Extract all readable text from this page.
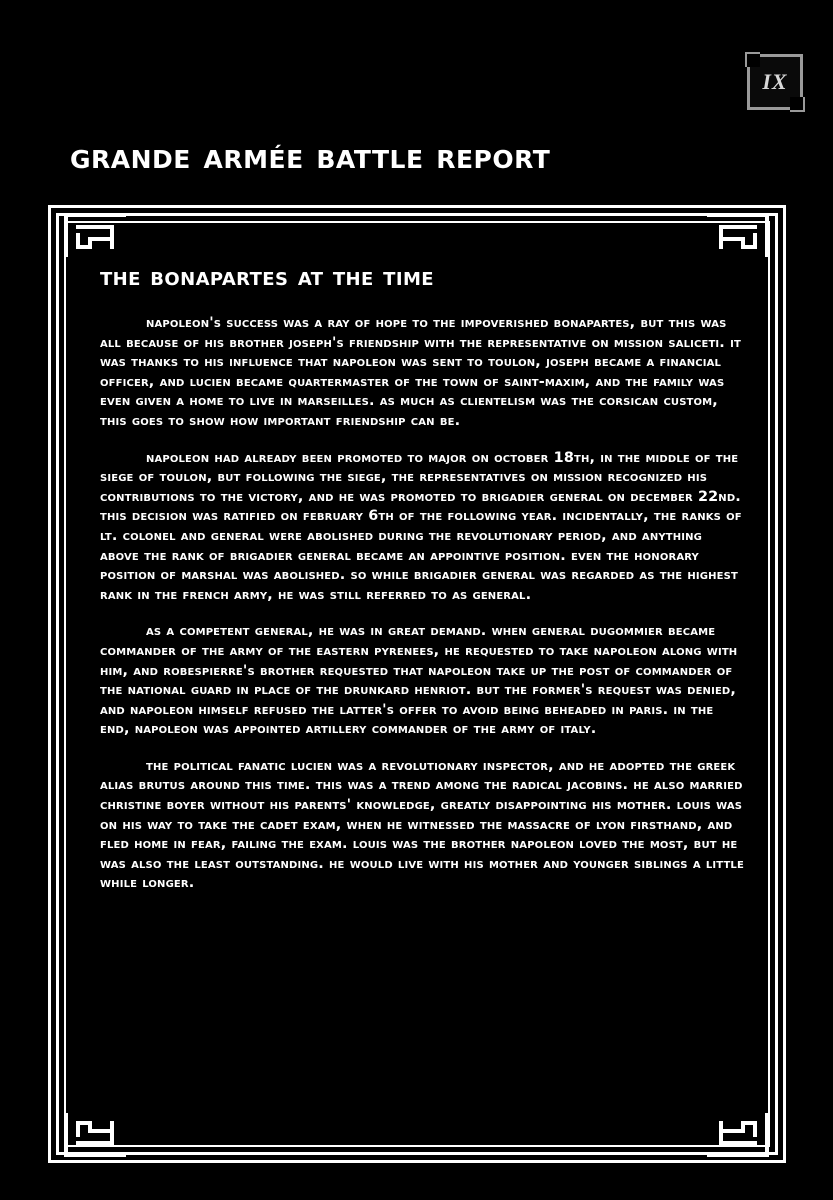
IX
grande armée battle report
the bonapartes at the time

napoleon's success was a ray of hope to the impoverished bonapartes, but this was all because of his brother joseph's friendship with the representative on mission saliceti. it was thanks to his influence that napoleon was sent to toulon, joseph became a financial officer, and lucien became quartermaster of the town of saint-maxim, and the family was even given a home to live in marseilles. as much as clientelism was the corsican custom, this goes to show how important friendship can be.

napoleon had already been promoted to major on october 18th, in the middle of the siege of toulon, but following the siege, the representatives on mission recognized his contributions to the victory, and he was promoted to brigadier general on december 22nd. this decision was ratified on february 6th of the following year. incidentally, the ranks of lt. colonel and general were abolished during the revolutionary period, and anything above the rank of brigadier general became an appointive position. even the honorary position of marshal was abolished. so while brigadier general was regarded as the highest rank in the french army, he was still referred to as general.

as a competent general, he was in great demand. when general dugommier became commander of the army of the eastern pyrenees, he requested to take napoleon along with him, and robespierre's brother requested that napoleon take up the post of commander of the national guard in place of the drunkard henriot. but the former's request was denied, and napoleon himself refused the latter's offer to avoid being beheaded in paris. in the end, napoleon was appointed artillery commander of the army of italy.

the political fanatic lucien was a revolutionary inspector, and he adopted the greek alias brutus around this time. this was a trend among the radical jacobins. he also married christine boyer without his parents' knowledge, greatly disappointing his mother. louis was on his way to take the cadet exam, when he witnessed the massacre of lyon firsthand, and fled home in fear, failing the exam. louis was the brother napoleon loved the most, but he was also the least outstanding. he would live with his mother and younger siblings a little while longer.
